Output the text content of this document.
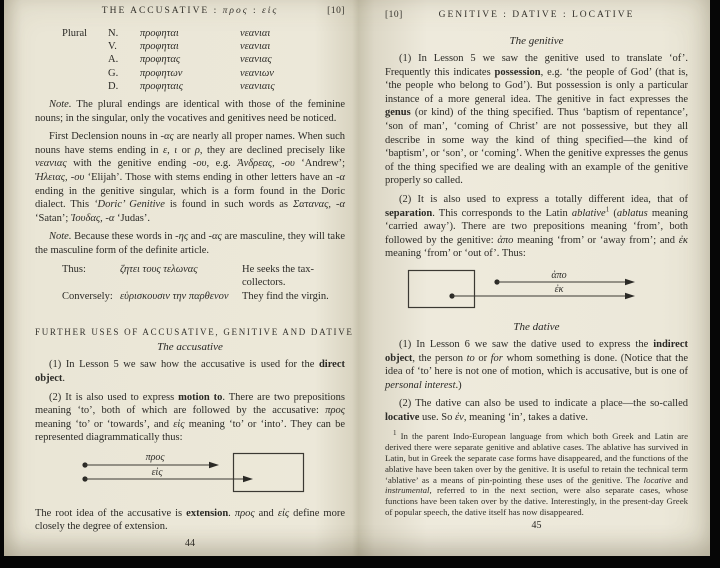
THE ACCUSATIVE : προς : εἰς	[10]
Plural	N.	προφηται	νεανιαι
V.	προφηται	νεανιαι
A.	προφητας	νεανιας
G.	προφητων	νεανιων
D.	προφηταις	νεανιαις

Note. The plural endings are identical with those of the feminine nouns; in the singular, only the vocatives and genitives need be noticed.

First Declension nouns in -ας are nearly all proper names. When such nouns have stems ending in ε, ι or ρ, they are declined precisely like νεανιας with the genitive ending -ου, e.g. Ἀνδρεας, -ου ‘Andrew’; Ἡλειας, -ου ‘Elijah’. Those with stems ending in other letters have an -α ending in the genitive singular, which is a form found in the Doric dialect. This ‘Doric’ Genitive is found in such words as Σατανας, -α ‘Satan’; Ἰουδας, -α ‘Judas’.

Note. Because these words in -ης and -ας are masculine, they will take the masculine form of the definite article.

Thus:	ζητει τους τελωνας	He seeks the tax-collectors.
Conversely: εὑρισκουσιν την παρθενον	They find the virgin.
FURTHER USES OF ACCUSATIVE, GENITIVE AND DATIVE
The accusative

(1) In Lesson 5 we saw how the accusative is used for the direct object.

(2) It is also used to express motion to. There are two prepositions meaning ‘to’, both of which are followed by the accusative: προς meaning ‘to’ or ‘towards’, and εἰς meaning ‘to’ or ‘into’. They can be represented diagrammatically thus:

προς
εἰς

The root idea of the accusative is extension. προς and εἰς define more closely the degree of extension.

44
[10]	GENITIVE : DATIVE : LOCATIVE
The genitive

(1) In Lesson 5 we saw the genitive used to translate ‘of’. Frequently this indicates possession, e.g. ‘the people of God’ (that is, ‘the people who belong to God’). But possession is only a particular instance of a more general idea. The genitive in fact expresses the genus (or kind) of the thing specified. Thus ‘baptism of repentance’, ‘son of man’, ‘coming of Christ’ are not possessive, but they all describe in some way the kind of thing specified—the kind of ‘baptism’, or ‘son’, or ‘coming’. When the genitive expresses the genus of the thing specified we are dealing with an example of the genitive properly so called.

(2) It is also used to express a totally different idea, that of separation. This corresponds to the Latin ablative$^1$ (ablatus meaning ‘carried away’). There are two prepositions meaning ‘from’, both followed by the genitive: ἀπο meaning ‘from’ or ‘away from’; and ἐκ meaning ‘from’ or ‘out of’. Thus:

ἀπο
ἐκ
The dative

(1) In Lesson 6 we saw the dative used to express the indirect object, the person to or for whom something is done. (Notice that the idea of ‘to’ here is not one of motion, which is accusative, but is one of personal interest.)

(2) The dative can also be used to indicate a place—the so-called locative use. So ἐν, meaning ‘in’, takes a dative.

$^1$ In the parent Indo-European language from which both Greek and Latin are derived there were separate genitive and ablative cases. The ablative has survived in Latin, but in Greek the separate case forms have disappeared, and the functions of the ablative have been taken over by the genitive. It is useful to retain the technical term ‘ablative’ as a means of pin-pointing these uses of the genitive. The locative and instrumental, referred to in the next section, were also separate cases, whose functions have been taken over by the dative. Interestingly, in the present-day Greek of popular speech, the dative itself has now disappeared.

45
